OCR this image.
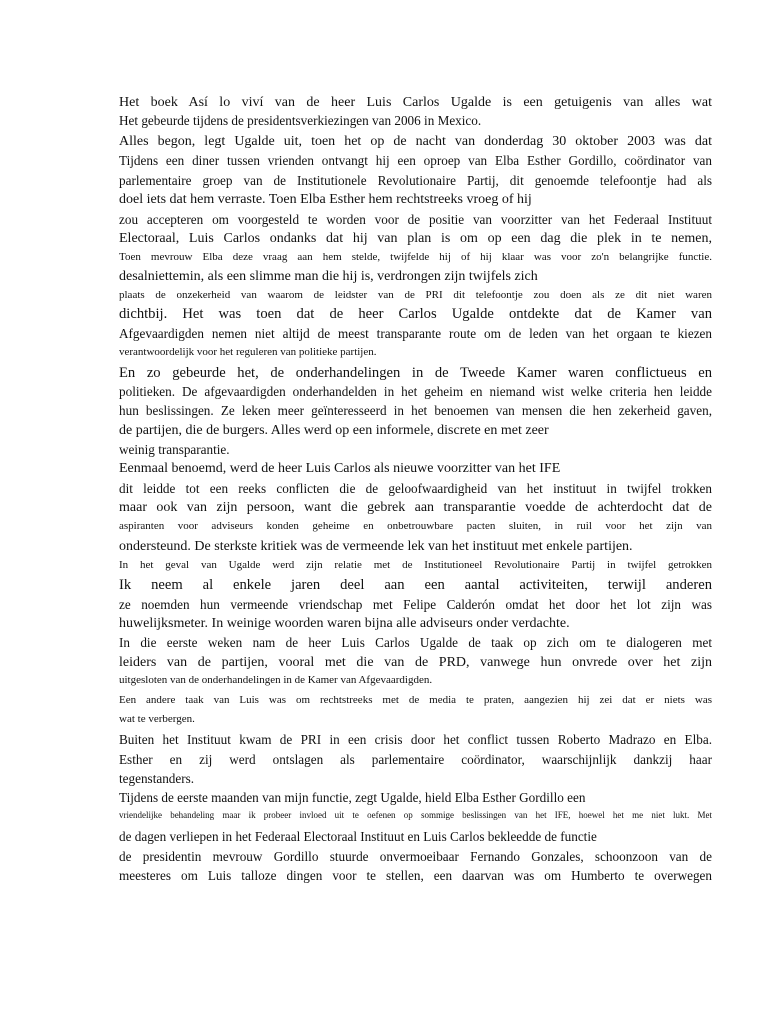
Het boek Así lo viví van de heer Luis Carlos Ugalde is een getuigenis van alles wat

Het gebeurde tijdens de presidentsverkiezingen van 2006 in Mexico.

Alles begon, legt Ugalde uit, toen het op de nacht van donderdag 30 oktober 2003 was dat

Tijdens een diner tussen vrienden ontvangt hij een oproep van Elba Esther Gordillo, coördinator van

parlementaire groep van de Institutionele Revolutionaire Partij, dit genoemde telefoontje had als

doel iets dat hem verraste. Toen Elba Esther hem rechtstreeks vroeg of hij

zou accepteren om voorgesteld te worden voor de positie van voorzitter van het Federaal Instituut

Electoraal, Luis Carlos ondanks dat hij van plan is om op een dag die plek in te nemen,

Toen mevrouw Elba deze vraag aan hem stelde, twijfelde hij of hij klaar was voor zo'n belangrijke functie.

desalniettemin, als een slimme man die hij is, verdrongen zijn twijfels zich

plaats de onzekerheid van waarom de leidster van de PRI dit telefoontje zou doen als ze dit niet waren

dichtbij. Het was toen dat de heer Carlos Ugalde ontdekte dat de Kamer van

Afgevaardigden nemen niet altijd de meest transparante route om de leden van het orgaan te kiezen

verantwoordelijk voor het reguleren van politieke partijen.

En zo gebeurde het, de onderhandelingen in de Tweede Kamer waren conflictueus en

politieken. De afgevaardigden onderhandelden in het geheim en niemand wist welke criteria hen leidde

hun beslissingen. Ze leken meer geïnteresseerd in het benoemen van mensen die hen zekerheid gaven,

de partijen, die de burgers. Alles werd op een informele, discrete en met zeer

weinig transparantie.

Eenmaal benoemd, werd de heer Luis Carlos als nieuwe voorzitter van het IFE

dit leidde tot een reeks conflicten die de geloofwaardigheid van het instituut in twijfel trokken

maar ook van zijn persoon, want die gebrek aan transparantie voedde de achterdocht dat de

aspiranten voor adviseurs konden geheime en onbetrouwbare pacten sluiten, in ruil voor het zijn van

ondersteund. De sterkste kritiek was de vermeende lek van het instituut met enkele partijen.

In het geval van Ugalde werd zijn relatie met de Institutioneel Revolutionaire Partij in twijfel getrokken

Ik neem al enkele jaren deel aan een aantal activiteiten, terwijl anderen

ze noemden hun vermeende vriendschap met Felipe Calderón omdat het door het lot zijn was

huwelijksmeter. In weinige woorden waren bijna alle adviseurs onder verdachte.

In die eerste weken nam de heer Luis Carlos Ugalde de taak op zich om te dialogeren met

leiders van de partijen, vooral met die van de PRD, vanwege hun onvrede over het zijn

uitgesloten van de onderhandelingen in de Kamer van Afgevaardigden.

Een andere taak van Luis was om rechtstreeks met de media te praten, aangezien hij zei dat er niets was

wat te verbergen.

Buiten het Instituut kwam de PRI in een crisis door het conflict tussen Roberto Madrazo en Elba.

Esther en zij werd ontslagen als parlementaire coördinator, waarschijnlijk dankzij haar

tegenstanders.

Tijdens de eerste maanden van mijn functie, zegt Ugalde, hield Elba Esther Gordillo een

vriendelijke behandeling maar ik probeer invloed uit te oefenen op sommige beslissingen van het IFE, hoewel het me niet lukt. Met

de dagen verliepen in het Federaal Electoraal Instituut en Luis Carlos bekleedde de functie

de presidentin mevrouw Gordillo stuurde onvermoeibaar Fernando Gonzales, schoonzoon van de

meesteres om Luis talloze dingen voor te stellen, een daarvan was om Humberto te overwegen
